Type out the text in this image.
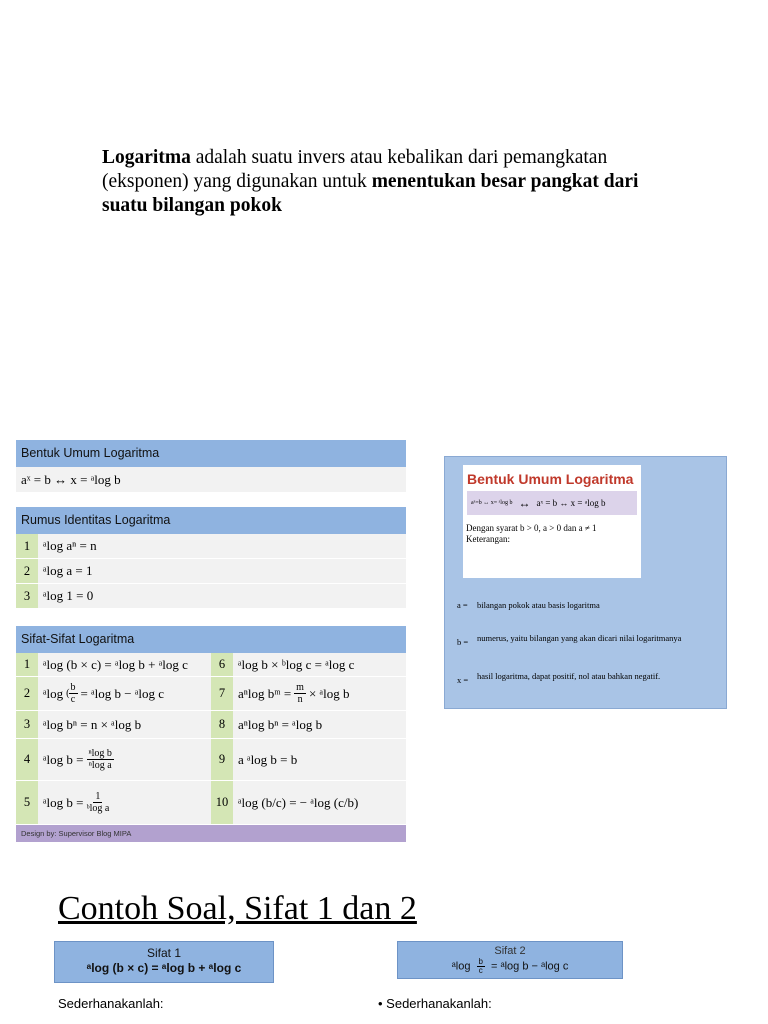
Logaritma adalah suatu invers atau kebalikan dari pemangkatan (eksponen) yang digunakan untuk menentukan besar pangkat dari suatu bilangan pokok
Bentuk Umum Logaritma
aˣ = b ↔ x = ᵃlog b
Rumus Identitas Logaritma
1 ᵃlog aⁿ = n
2 ᵃlog a = 1
3 ᵃlog 1 = 0
Sifat-Sifat Logaritma
1 ᵃlog (b × c) = ᵃlog b + ᵃlog c	6 ᵃlog b × ᵇlog c = ᵃlog c
2 ᵃlog ( $\frac{b}{c}$ = ᵃlog b − ᵃlog c	7 aⁿlog bᵐ = $\frac{m}{n}$ × ᵃlog b
3 ᵃlog bⁿ = n × ᵃlog b	8 aⁿlog bⁿ = ᵃlog b
4 ᵃlog $b = \frac{\text{ⁿlog b}}{\text{ⁿlog a}}$	9 a ᵃlog b = b
5 ᵃlog $b = \frac{1}{\text{ᵇlog a}}$	10 ᵃlog (b/c) = − ᵃlog (c/b)
Design by: Supervisor Blog MIPA
Bentuk Umum Logaritma
aˣ=b ↔ x= ᵃlog b ↔ aˣ = b ↔ x = ᵃlog b
Dengan syarat b > 0, a > 0 dan a ≠ 1
Keterangan:
a =	bilangan pokok atau basis logaritma
b =	numerus, yaitu bilangan yang akan dicari nilai logaritmanya
x =	hasil logaritma, dapat positif, nol atau bahkan negatif.
Contoh Soal, Sifat 1 dan 2
Sifat 1
ᵃlog (b × c) = ᵃlog b + ᵃlog c
Sifat 2
ᵃlog $\frac{b}{c}$ = ᵃlog b − ᵃlog c
Sederhanakanlah:	• Sederhanakanlah:
